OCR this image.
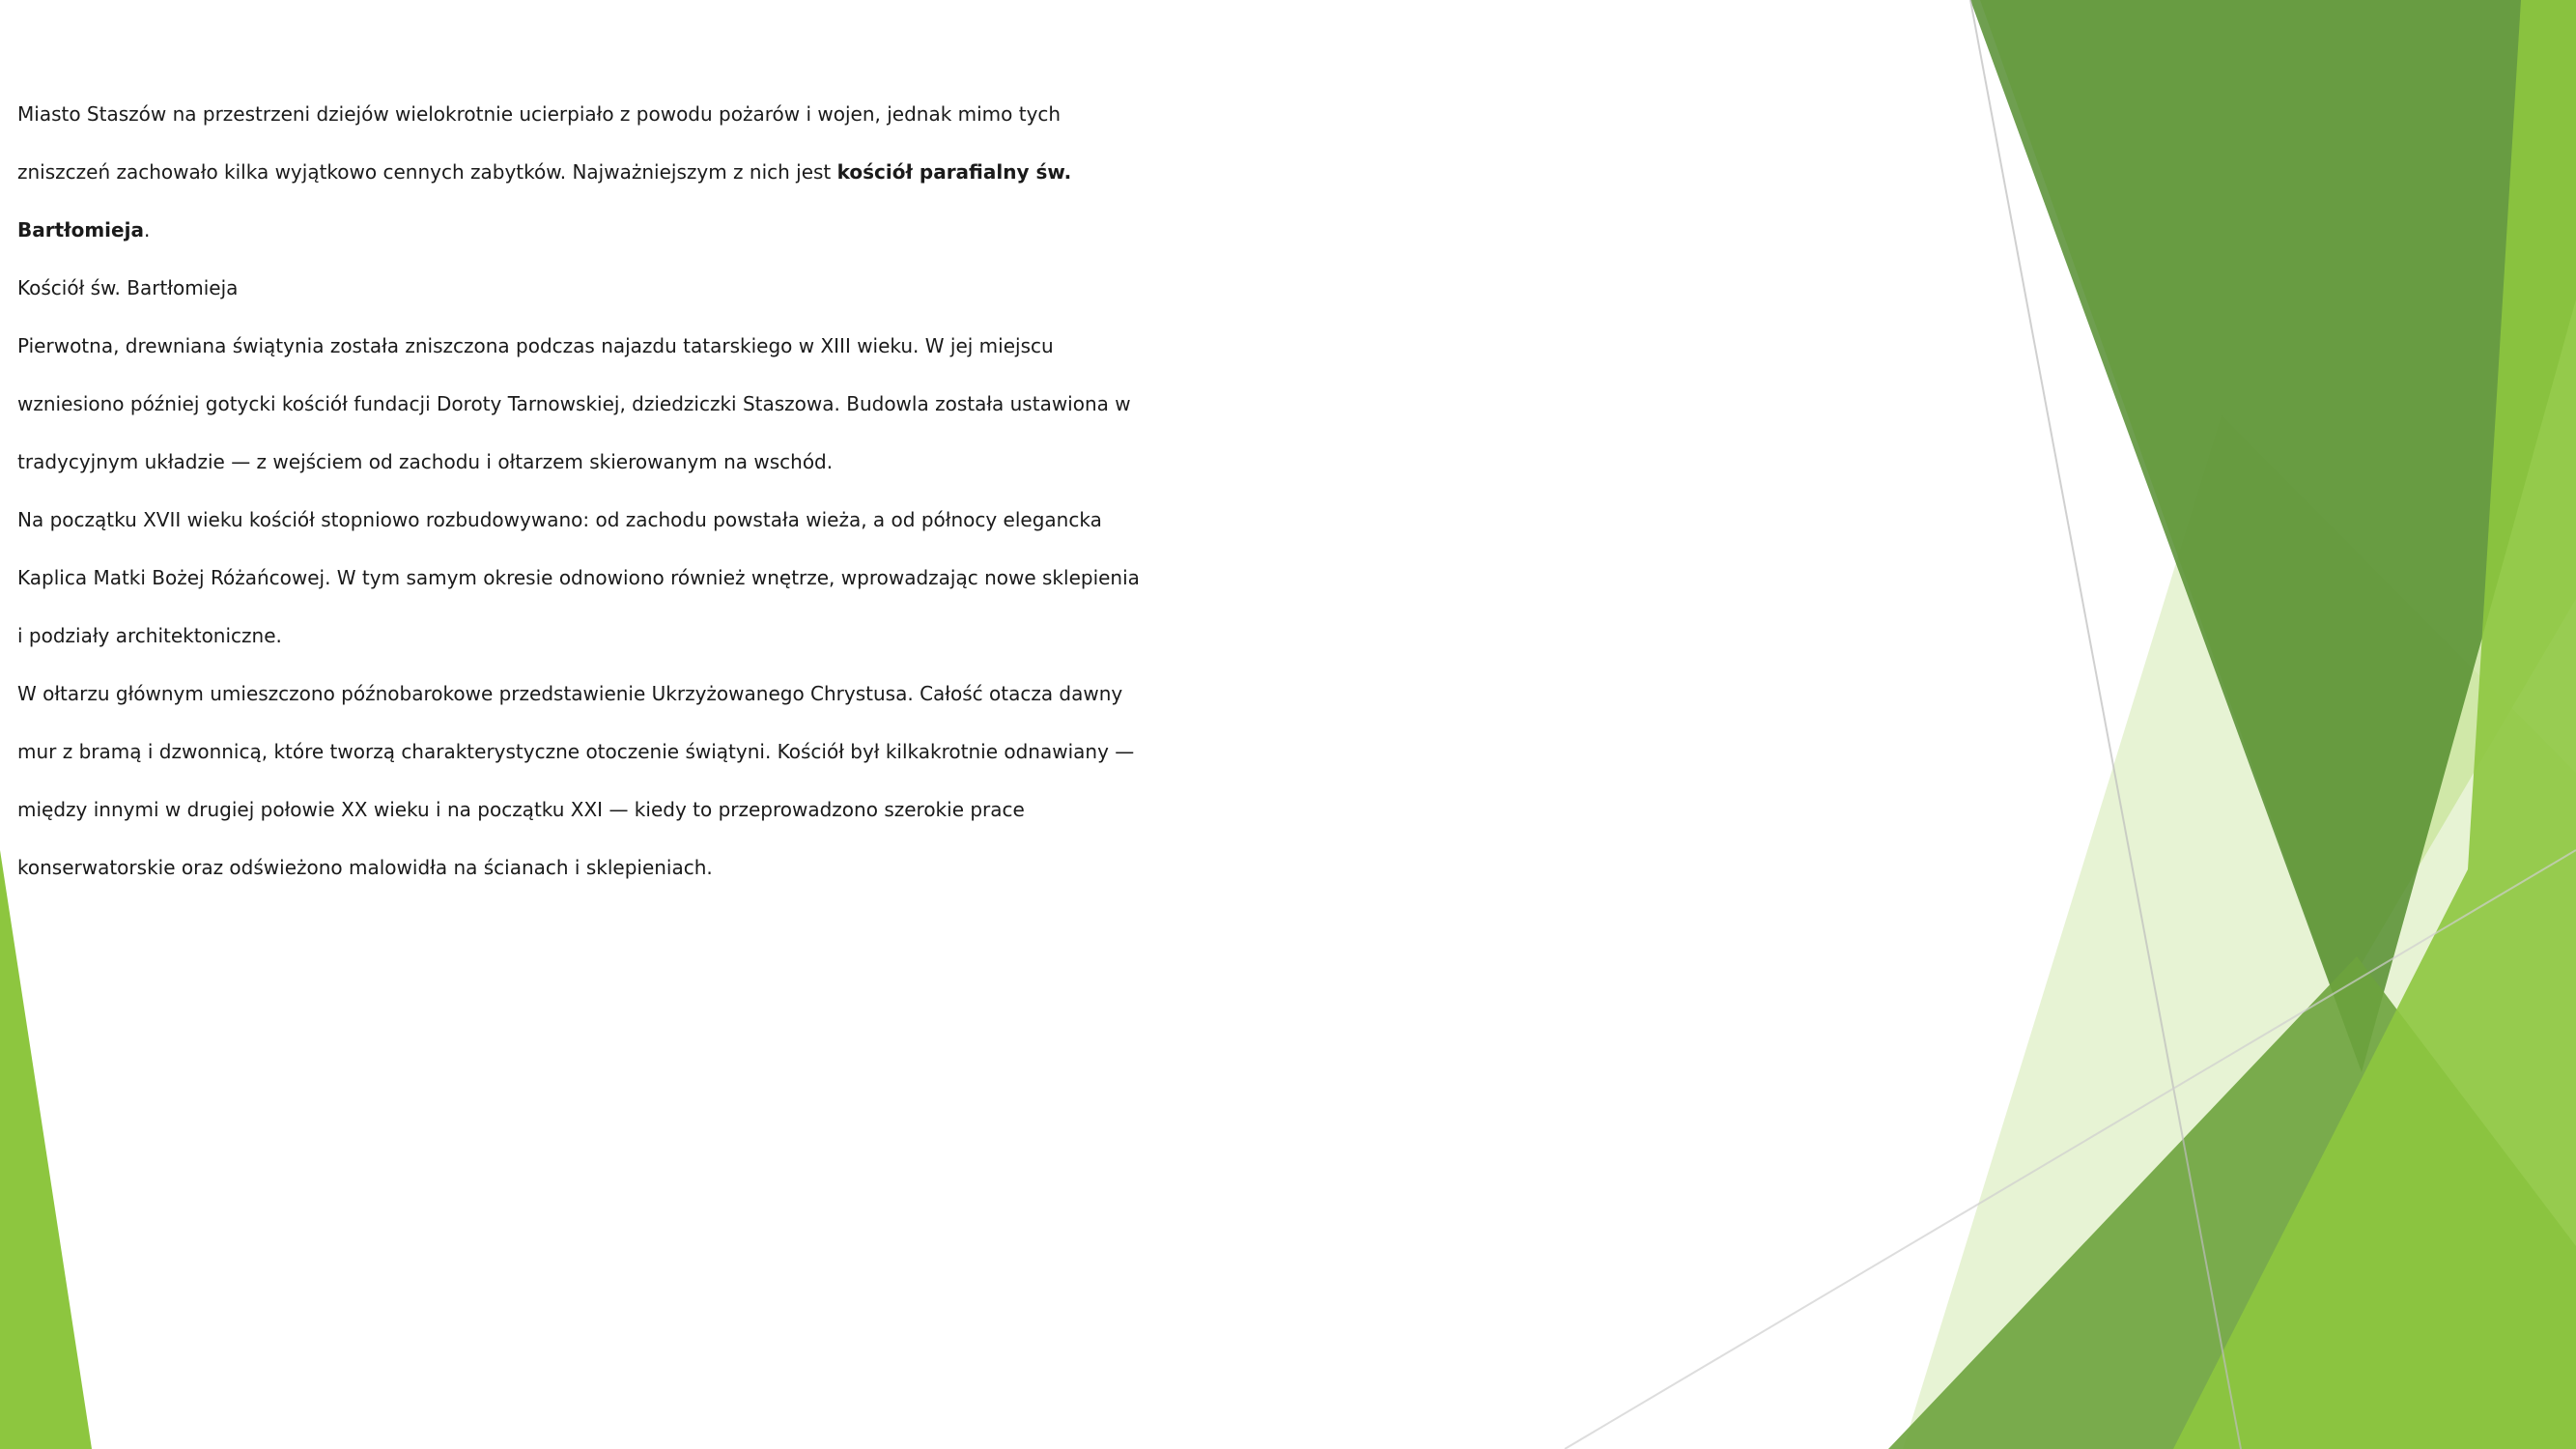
Miasto Staszów na przestrzeni dziejów wielokrotnie ucierpiało z powodu pożarów i wojen, jednak mimo tych
zniszczeń zachowało kilka wyjątkowo cennych zabytków. Najważniejszym z nich jest kościół parafialny św.
Bartłomieja.
Kościół św. Bartłomieja
Pierwotna, drewniana świątynia została zniszczona podczas najazdu tatarskiego w XIII wieku. W jej miejscu
wzniesiono później gotycki kościół fundacji Doroty Tarnowskiej, dziedziczki Staszowa. Budowla została ustawiona w
tradycyjnym układzie — z wejściem od zachodu i ołtarzem skierowanym na wschód.
Na początku XVII wieku kościół stopniowo rozbudowywano: od zachodu powstała wieża, a od północy elegancka
Kaplica Matki Bożej Różańcowej. W tym samym okresie odnowiono również wnętrze, wprowadzając nowe sklepienia
i podziały architektoniczne.
W ołtarzu głównym umieszczono późnobarokowe przedstawienie Ukrzyżowanego Chrystusa. Całość otacza dawny
mur z bramą i dzwonnicą, które tworzą charakterystyczne otoczenie świątyni. Kościół był kilkakrotnie odnawiany —
między innymi w drugiej połowie XX wieku i na początku XXI — kiedy to przeprowadzono szerokie prace
konserwatorskie oraz odświeżono malowidła na ścianach i sklepieniach.
